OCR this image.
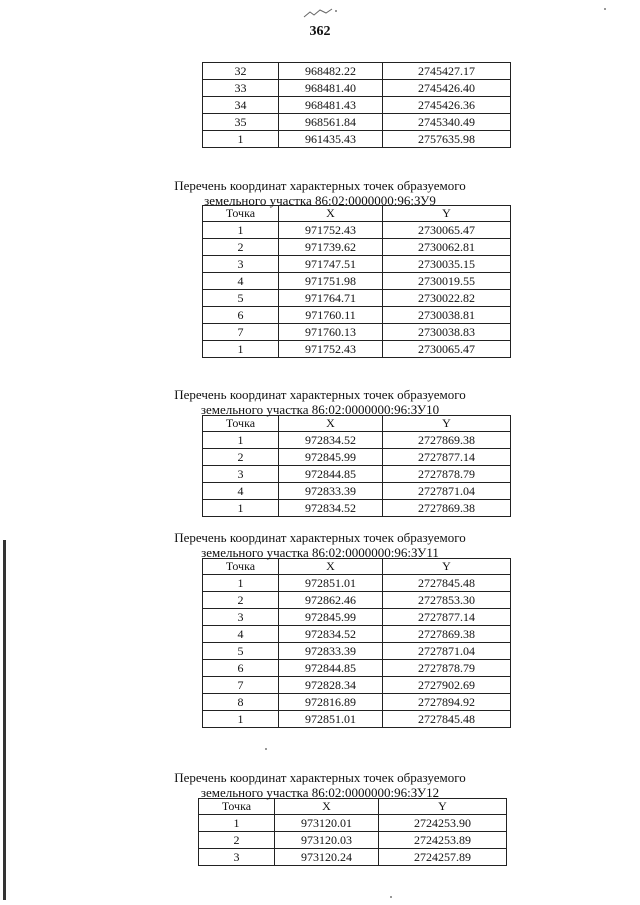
362
32	968482.22	2745427.17
33	968481.40	2745426.40
34	968481.43	2745426.36
35	968561.84	2745340.49
1	961435.43	2757635.98
Перечень координат характерных точек образуемого
земельного участка 86:02:0000000:96:ЗУ9
Точка	X	Y
1	971752.43	2730065.47
2	971739.62	2730062.81
3	971747.51	2730035.15
4	971751.98	2730019.55
5	971764.71	2730022.82
6	971760.11	2730038.81
7	971760.13	2730038.83
1	971752.43	2730065.47
Перечень координат характерных точек образуемого
земельного участка 86:02:0000000:96:ЗУ10
Точка	X	Y
1	972834.52	2727869.38
2	972845.99	2727877.14
3	972844.85	2727878.79
4	972833.39	2727871.04
1	972834.52	2727869.38
Перечень координат характерных точек образуемого
земельного участка 86:02:0000000:96:ЗУ11
Точка	X	Y
1	972851.01	2727845.48
2	972862.46	2727853.30
3	972845.99	2727877.14
4	972834.52	2727869.38
5	972833.39	2727871.04
6	972844.85	2727878.79
7	972828.34	2727902.69
8	972816.89	2727894.92
1	972851.01	2727845.48
Перечень координат характерных точек образуемого
земельного участка 86:02:0000000:96:ЗУ12
Точка	X	Y
1	973120.01	2724253.90
2	973120.03	2724253.89
3	973120.24	2724257.89
